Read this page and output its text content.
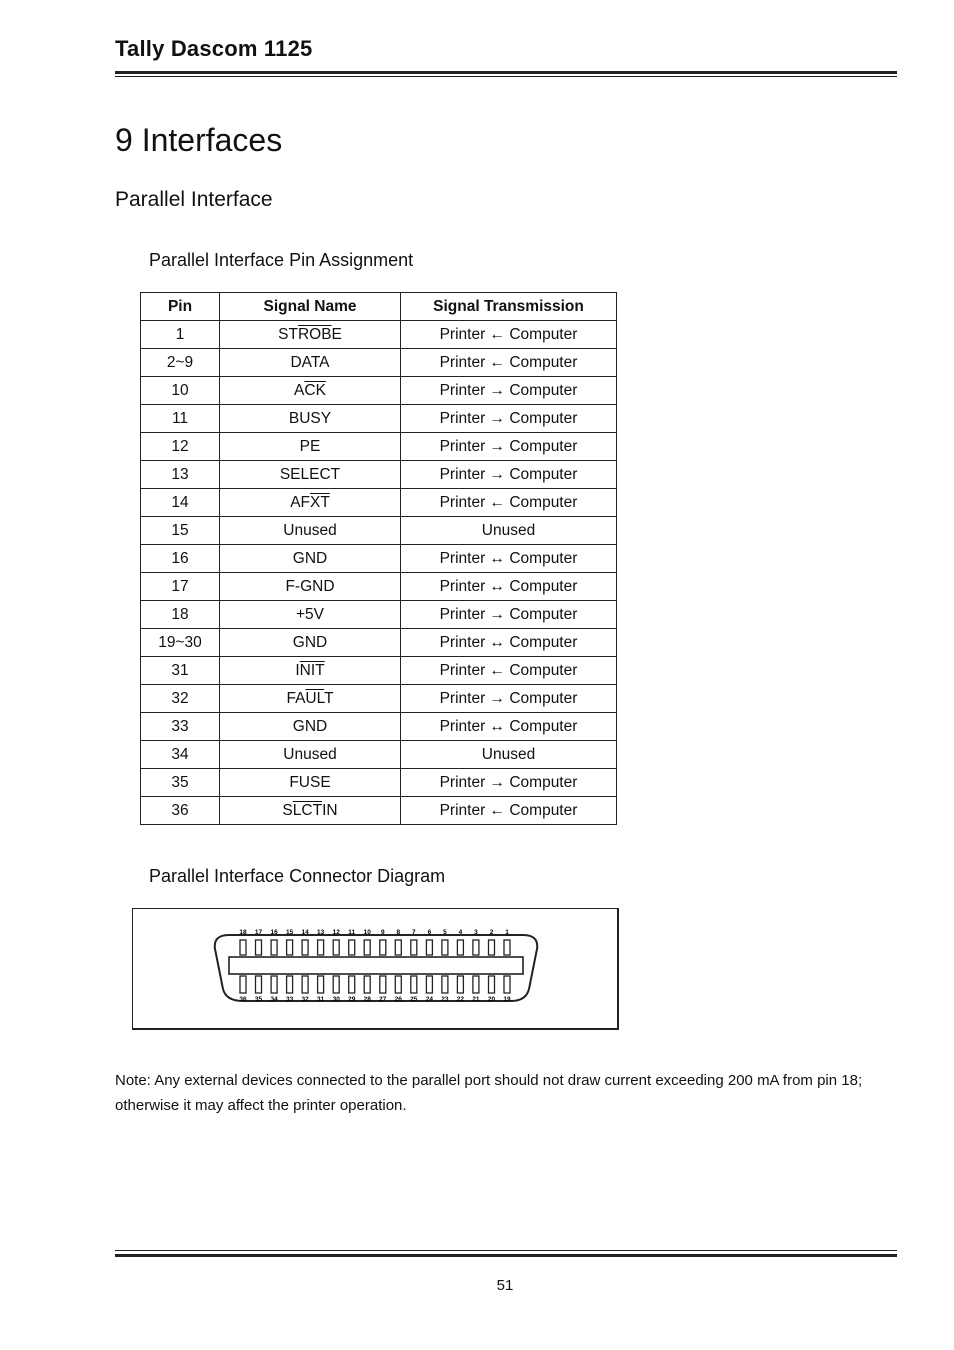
Tally Dascom 1125
9 Interfaces
Parallel Interface
Parallel Interface Pin Assignment
Pin	Signal Name	Signal Transmission
1	$ST\overline{ROB}E$	Printer ← Computer
2~9	DATA	Printer ← Computer
10	$A\overline{CK}$	Printer → Computer
11	BUSY	Printer → Computer
12	PE	Printer → Computer
13	SELECT	Printer → Computer
14	$AF\overline{XT}$	Printer ← Computer
15	Unused	Unused
16	GND	Printer ↔ Computer
17	F-GND	Printer ↔ Computer
18	+5V	Printer → Computer
19~30	GND	Printer ↔ Computer
31	$I\overline{NIT}$	Printer ← Computer
32	$FA\overline{UL}T$	Printer → Computer
33	GND	Printer ↔ Computer
34	Unused	Unused
35	FUSE	Printer → Computer
36	$S\overline{LCT}IN$	Printer ← Computer
Parallel Interface Connector Diagram
18 17 16 15 14 13 12 11 10 9 8 7 6 5 4 3 2 1
36 35 34 33 32 31 30 29 28 27 26 25 24 23 22 21 20 19
Note: Any external devices connected to the parallel port should not draw current exceeding 200 mA from pin 18; otherwise it may affect the printer operation.
51
